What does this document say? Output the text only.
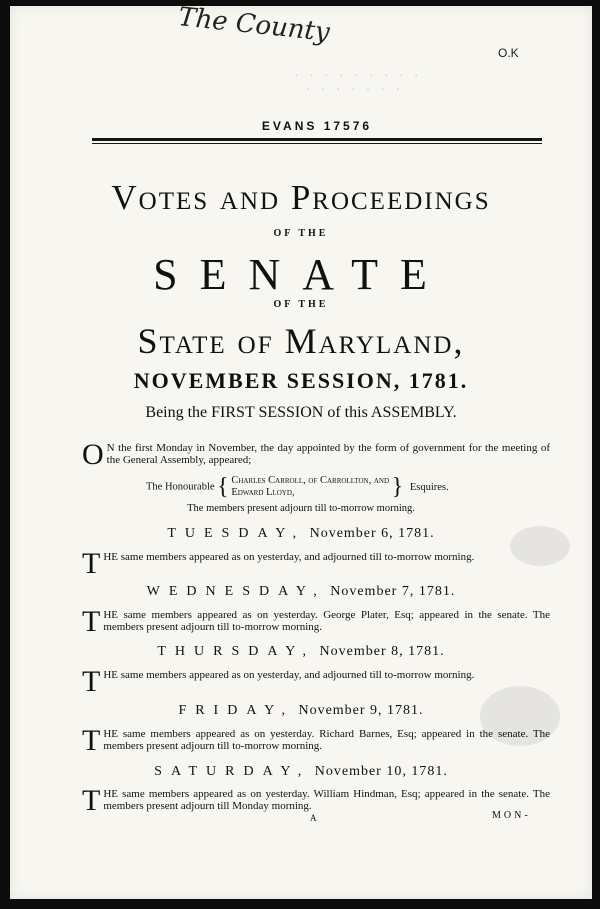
The County
O.K
 · · · · · · · · ·
· · · · · · ·
EVANS 17576
Votes and Proceedings
OF THE
SENATE
OF THE
State of Maryland,
NOVEMBER SESSION, 1781.
Being the FIRST SESSION of this ASSEMBLY.
O N the first Monday in November, the day appointed by the form of government for the meeting of the General Assembly, appeared;
The Honourable { Charles Carroll, of Carrollton, and
Edward Lloyd,	} Esquires.
The members present adjourn till to-morrow morning.
TUESDAY, November 6, 1781.
T HE same members appeared as on yesterday, and adjourned till to-morrow morning.
WEDNESDAY, November 7, 1781.
T HE same members appeared as on yesterday. George Plater, Esq; appeared in the senate. The members present adjourn till to-morrow morning.
THURSDAY, November 8, 1781.
T HE same members appeared as on yesterday, and adjourned till to-morrow morning.
FRIDAY, November 9, 1781.
T HE same members appeared as on yesterday. Richard Barnes, Esq; appeared in the senate. The members present adjourn till to-morrow morning.
SATURDAY, November 10, 1781.
T HE same members appeared as on yesterday. William Hindman, Esq; appeared in the senate. The members present adjourn till Monday morning.
A	MON-
